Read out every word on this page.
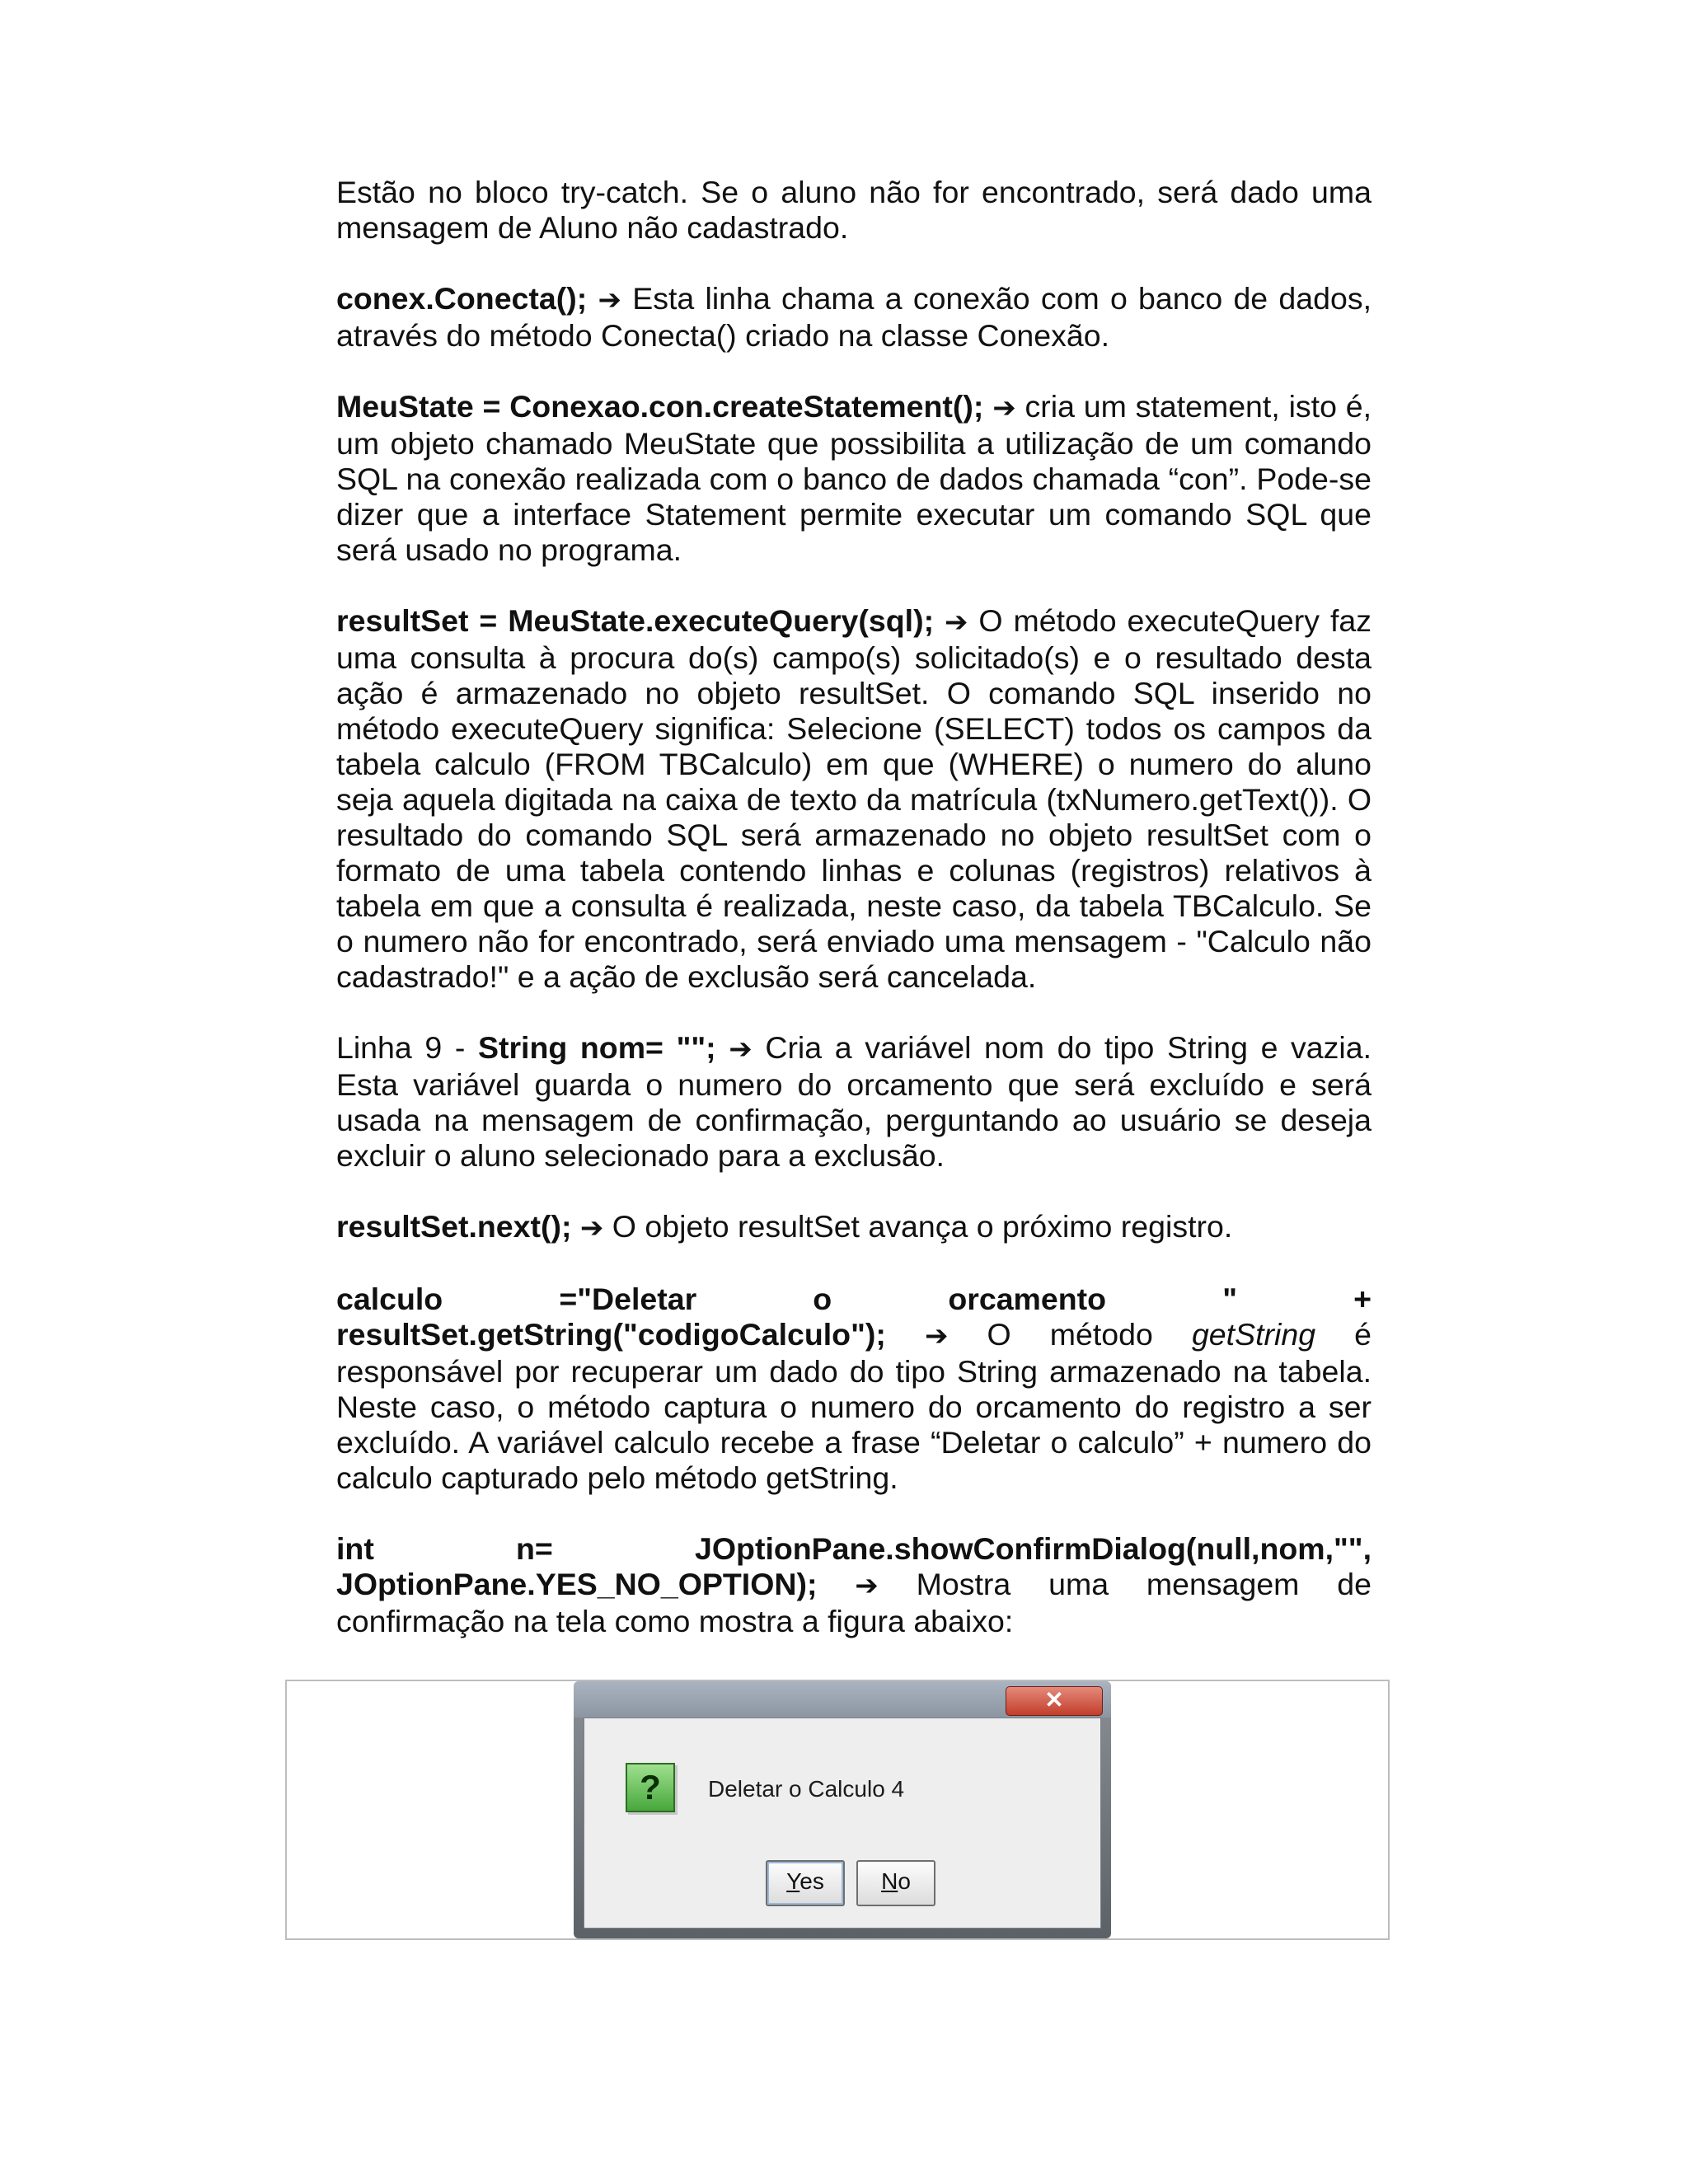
Estão no bloco try-catch. Se o aluno não for encontrado, será dado uma mensagem de Aluno não cadastrado.

conex.Conecta(); ➔ Esta linha chama a conexão com o banco de dados, através do método Conecta() criado na classe Conexão.

MeuState = Conexao.con.createStatement(); ➔ cria um statement, isto é, um objeto chamado MeuState que possibilita a utilização de um comando SQL na conexão realizada com o banco de dados chamada “con”. Pode-se dizer que a interface Statement permite executar um comando SQL que será usado no programa.

resultSet = MeuState.executeQuery(sql); ➔ O método executeQuery faz uma consulta à procura do(s) campo(s) solicitado(s) e o resultado desta ação é armazenado no objeto resultSet. O comando SQL inserido no método executeQuery significa: Selecione (SELECT) todos os campos da tabela calculo (FROM TBCalculo) em que (WHERE) o numero do aluno seja aquela digitada na caixa de texto da matrícula (txNumero.getText()). O resultado do comando SQL será armazenado no objeto resultSet com o formato de uma tabela contendo linhas e colunas (registros) relativos à tabela em que a consulta é realizada, neste caso, da tabela TBCalculo. Se o numero não for encontrado, será enviado uma mensagem - "Calculo não cadastrado!" e a ação de exclusão será cancelada.

Linha 9 - String nom= ""; ➔ Cria a variável nom do tipo String e vazia. Esta variável guarda o numero do orcamento que será excluído e será usada na mensagem de confirmação, perguntando ao usuário se deseja excluir o aluno selecionado para a exclusão.

resultSet.next(); ➔ O objeto resultSet avança o próximo registro.

calculo ="Deletar o orcamento " + resultSet.getString("codigoCalculo"); ➔ O método getString é responsável por recuperar um dado do tipo String armazenado na tabela. Neste caso, o método captura o numero do orcamento do registro a ser excluído. A variável calculo recebe a frase “Deletar o calculo” + numero do calculo capturado pelo método getString.

int n= JOptionPane.showConfirmDialog(null,nom,"", JOptionPane.YES_NO_OPTION); ➔ Mostra uma mensagem de confirmação na tela como mostra a figura abaixo:

✕
?	Deletar o Calculo 4
Yes	No
